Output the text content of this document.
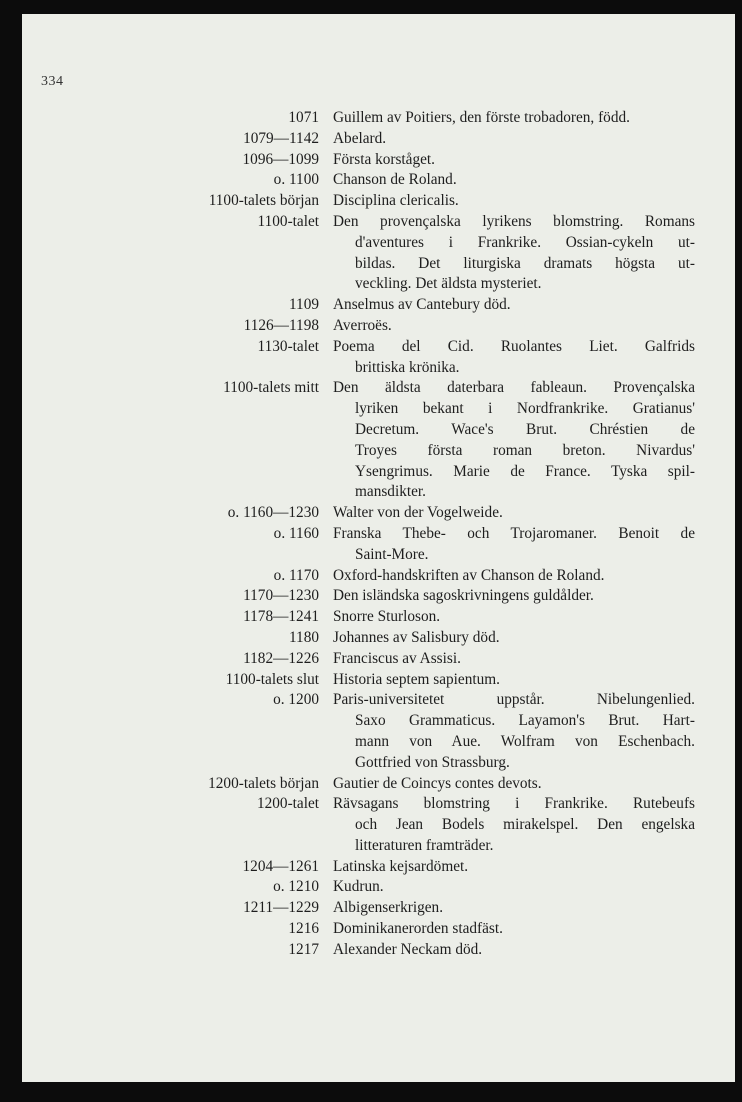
334
1071 Guillem av Poitiers, den förste trobadoren, född.
1079—1142 Abelard.
1096—1099 Första korståget.
o. 1100 Chanson de Roland.
1100-talets början Disciplina clericalis.
1100-talet Den provençalska lyrikens blomstring. Romans
d'aventures i Frankrike. Ossian-cykeln ut-
bildas. Det liturgiska dramats högsta ut-
veckling. Det äldsta mysteriet.
1109 Anselmus av Cantebury död.
1126—1198 Averroës.
1130-talet Poema del Cid. Ruolantes Liet. Galfrids
brittiska krönika.
1100-talets mitt Den äldsta daterbara fableaun. Provençalska
lyriken bekant i Nordfrankrike. Gratianus'
Decretum. Wace's Brut. Chréstien de
Troyes första roman breton. Nivardus'
Ysengrimus. Marie de France. Tyska spil-
mansdikter.
o. 1160—1230 Walter von der Vogelweide.
o. 1160 Franska Thebe- och Trojaromaner. Benoit de
Saint-More.
o. 1170 Oxford-handskriften av Chanson de Roland.
1170—1230 Den isländska sagoskrivningens guldålder.
1178—1241 Snorre Sturloson.
1180 Johannes av Salisbury död.
1182—1226 Franciscus av Assisi.
1100-talets slut Historia septem sapientum.
o. 1200 Paris-universitetet uppstår. Nibelungenlied.
Saxo Grammaticus. Layamon's Brut. Hart-
mann von Aue. Wolfram von Eschenbach.
Gottfried von Strassburg.
1200-talets början Gautier de Coincys contes devots.
1200-talet Rävsagans blomstring i Frankrike. Rutebeufs
och Jean Bodels mirakelspel. Den engelska
litteraturen framträder.
1204—1261 Latinska kejsardömet.
o. 1210 Kudrun.
1211—1229 Albigenserkrigen.
1216 Dominikanerorden stadfäst.
1217 Alexander Neckam död.
